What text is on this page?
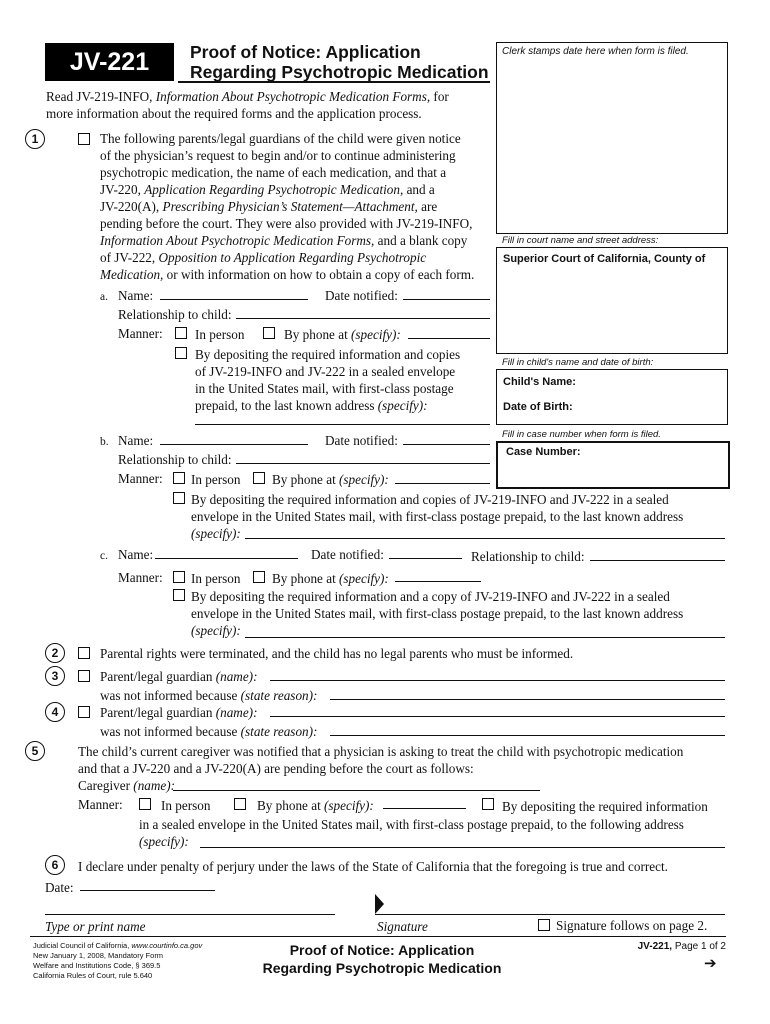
JV-221	Proof of Notice: Application
Regarding Psychotropic Medication
Clerk stamps date here when form is filed.
Read JV-219-INFO, Information About Psychotropic Medication Forms, for
more information about the required forms and the application process.
Fill in court name and street address:
Superior Court of California, County of
Fill in child's name and date of birth:
Child's Name:
Date of Birth:
Fill in case number when form is filed.
Case Number:
1	The following parents/legal guardians of the child were given notice
of the physician’s request to begin and/or to continue administering
psychotropic medication, the name of each medication, and that a
JV-220, Application Regarding Psychotropic Medication, and a
JV-220(A), Prescribing Physician’s Statement—Attachment, are
pending before the court. They were also provided with JV-219-INFO,
Information About Psychotropic Medication Forms, and a blank copy
of JV-222, Opposition to Application Regarding Psychotropic
Medication, or with information on how to obtain a copy of each form.
a. Name:	Date notified:
Relationship to child:
Manner: In person	By phone at (specify):
By depositing the required information and copies
of JV-219-INFO and JV-222 in a sealed envelope
in the United States mail, with first-class postage
prepaid, to the last known address (specify):
b. Name:	Date notified:
Relationship to child:
Manner: In person By phone at (specify):
By depositing the required information and copies of JV-219-INFO and JV-222 in a sealed
envelope in the United States mail, with first-class postage prepaid, to the last known address
(specify):
c. Name:	Date notified:	Relationship to child:
Manner: In person By phone at (specify):
By depositing the required information and a copy of JV-219-INFO and JV-222 in a sealed
envelope in the United States mail, with first-class postage prepaid, to the last known address
(specify):
2	Parental rights were terminated, and the child has no legal parents who must be informed.
3	Parent/legal guardian (name):
was not informed because (state reason):
4	Parent/legal guardian (name):
was not informed because (state reason):
5	The child’s current caregiver was notified that a physician is asking to treat the child with psychotropic medication
and that a JV-220 and a JV-220(A) are pending before the court as follows:
Caregiver (name):
Manner:	In person	By phone at (specify):	By depositing the required information
in a sealed envelope in the United States mail, with first-class postage prepaid, to the following address
(specify):
6	I declare under penalty of perjury under the laws of the State of California that the foregoing is true and correct.
Date:
Type or print name	Signature	Signature follows on page 2.
Judicial Council of California, www.courtinfo.ca.gov
New January 1, 2008, Mandatory Form
Welfare and Institutions Code, § 369.5
California Rules of Court, rule 5.640
Proof of Notice: Application
Regarding Psychotropic Medication
JV-221, Page 1 of 2
➔
